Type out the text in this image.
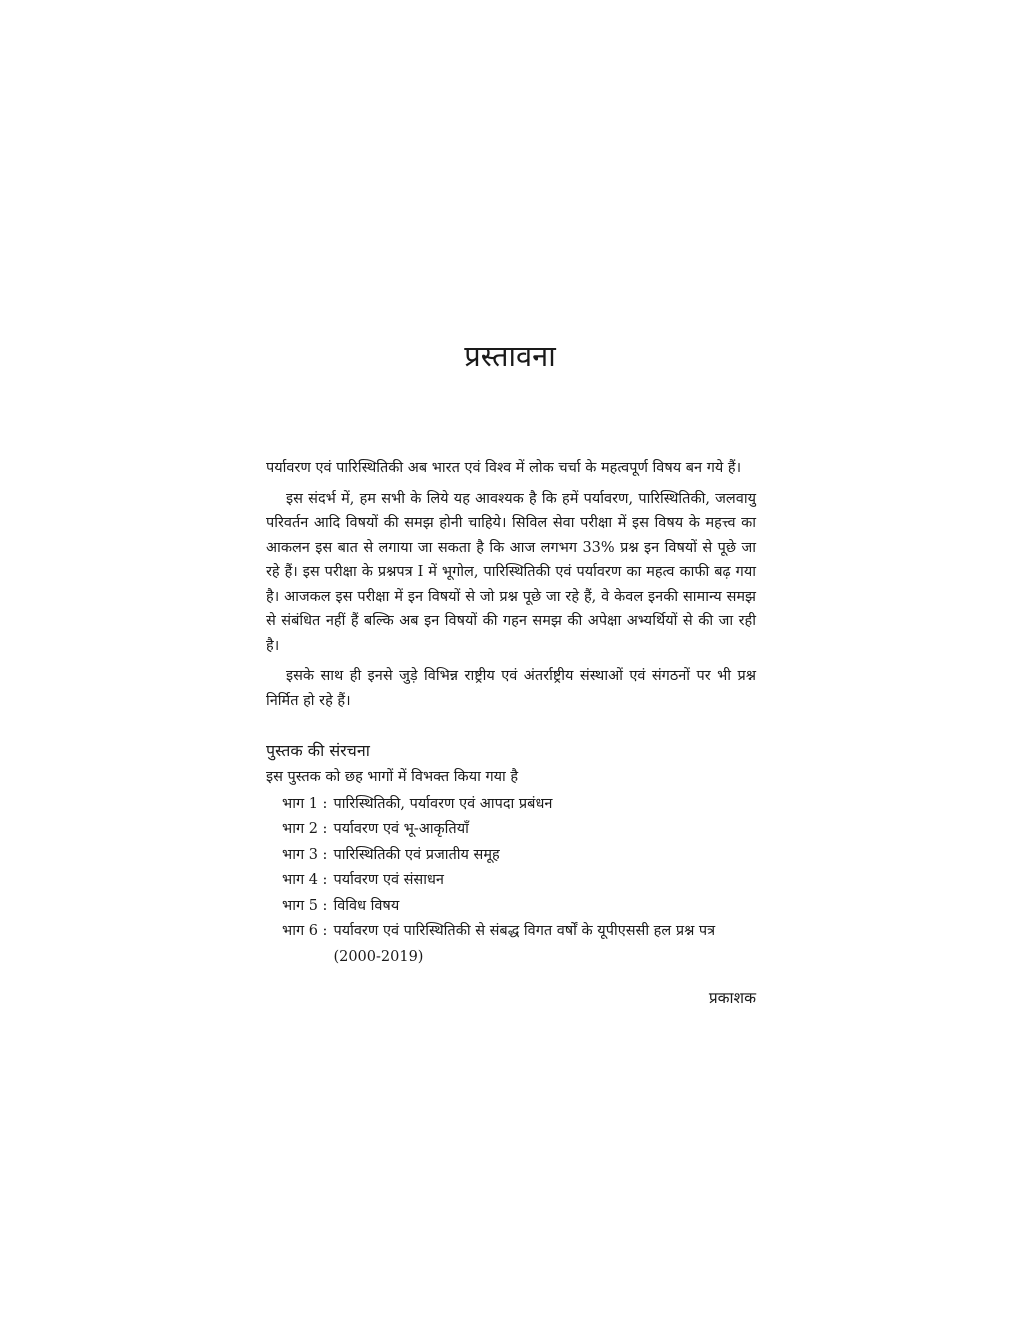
प्रस्तावना

पर्यावरण एवं पारिस्थितिकी अब भारत एवं विश्व में लोक चर्चा के महत्वपूर्ण विषय बन गये हैं।

इस संदर्भ में, हम सभी के लिये यह आवश्यक है कि हमें पर्यावरण, पारिस्थितिकी, जलवायु परिवर्तन आदि विषयों की समझ होनी चाहिये। सिविल सेवा परीक्षा में इस विषय के महत्त्व का आकलन इस बात से लगाया जा सकता है कि आज लगभग 33% प्रश्न इन विषयों से पूछे जा रहे हैं। इस परीक्षा के प्रश्नपत्र I में भूगोल, पारिस्थितिकी एवं पर्यावरण का महत्व काफी बढ़ गया है। आजकल इस परीक्षा में इन विषयों से जो प्रश्न पूछे जा रहे हैं, वे केवल इनकी सामान्य समझ से संबंधित नहीं हैं बल्कि अब इन विषयों की गहन समझ की अपेक्षा अभ्यर्थियों से की जा रही है।

इसके साथ ही इनसे जुड़े विभिन्न राष्ट्रीय एवं अंतर्राष्ट्रीय संस्थाओं एवं संगठनों पर भी प्रश्न निर्मित हो रहे हैं।

पुस्तक की संरचना

इस पुस्तक को छह भागों में विभक्त किया गया है

भाग 1 : पारिस्थितिकी, पर्यावरण एवं आपदा प्रबंधन
भाग 2 : पर्यावरण एवं भू-आकृतियाँ
भाग 3 : पारिस्थितिकी एवं प्रजातीय समूह
भाग 4 : पर्यावरण एवं संसाधन
भाग 5 : विविध विषय
भाग 6 : पर्यावरण एवं पारिस्थितिकी से संबद्ध विगत वर्षों के यूपीएससी हल प्रश्न पत्र (2000-2019)
प्रकाशक
